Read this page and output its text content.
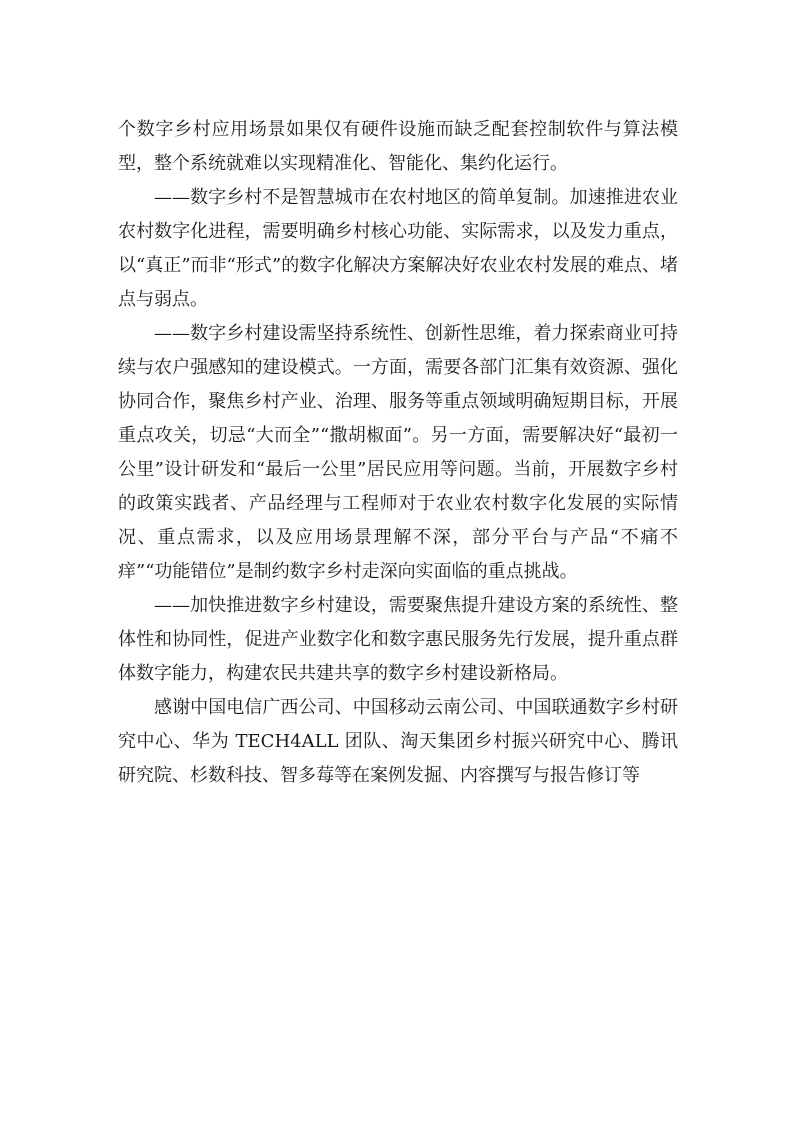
个数字乡村应用场景如果仅有硬件设施而缺乏配套控制软件与算法模型，整个系统就难以实现精准化、智能化、集约化运行。

——数字乡村不是智慧城市在农村地区的简单复制。加速推进农业农村数字化进程，需要明确乡村核心功能、实际需求，以及发力重点，以“真正”而非“形式”的数字化解决方案解决好农业农村发展的难点、堵点与弱点。

——数字乡村建设需坚持系统性、创新性思维，着力探索商业可持续与农户强感知的建设模式。一方面，需要各部门汇集有效资源、强化协同合作，聚焦乡村产业、治理、服务等重点领域明确短期目标，开展重点攻关，切忌“大而全”“撒胡椒面”。另一方面，需要解决好“最初一公里”设计研发和“最后一公里”居民应用等问题。当前，开展数字乡村的政策实践者、产品经理与工程师对于农业农村数字化发展的实际情况、重点需求，以及应用场景理解不深，部分平台与产品“不痛不痒”“功能错位”是制约数字乡村走深向实面临的重点挑战。

——加快推进数字乡村建设，需要聚焦提升建设方案的系统性、整体性和协同性，促进产业数字化和数字惠民服务先行发展，提升重点群体数字能力，构建农民共建共享的数字乡村建设新格局。

感谢中国电信广西公司、中国移动云南公司、中国联通数字乡村研究中心、华为 TECH4ALL 团队、淘天集团乡村振兴研究中心、腾讯研究院、杉数科技、智多莓等在案例发掘、内容撰写与报告修订等
